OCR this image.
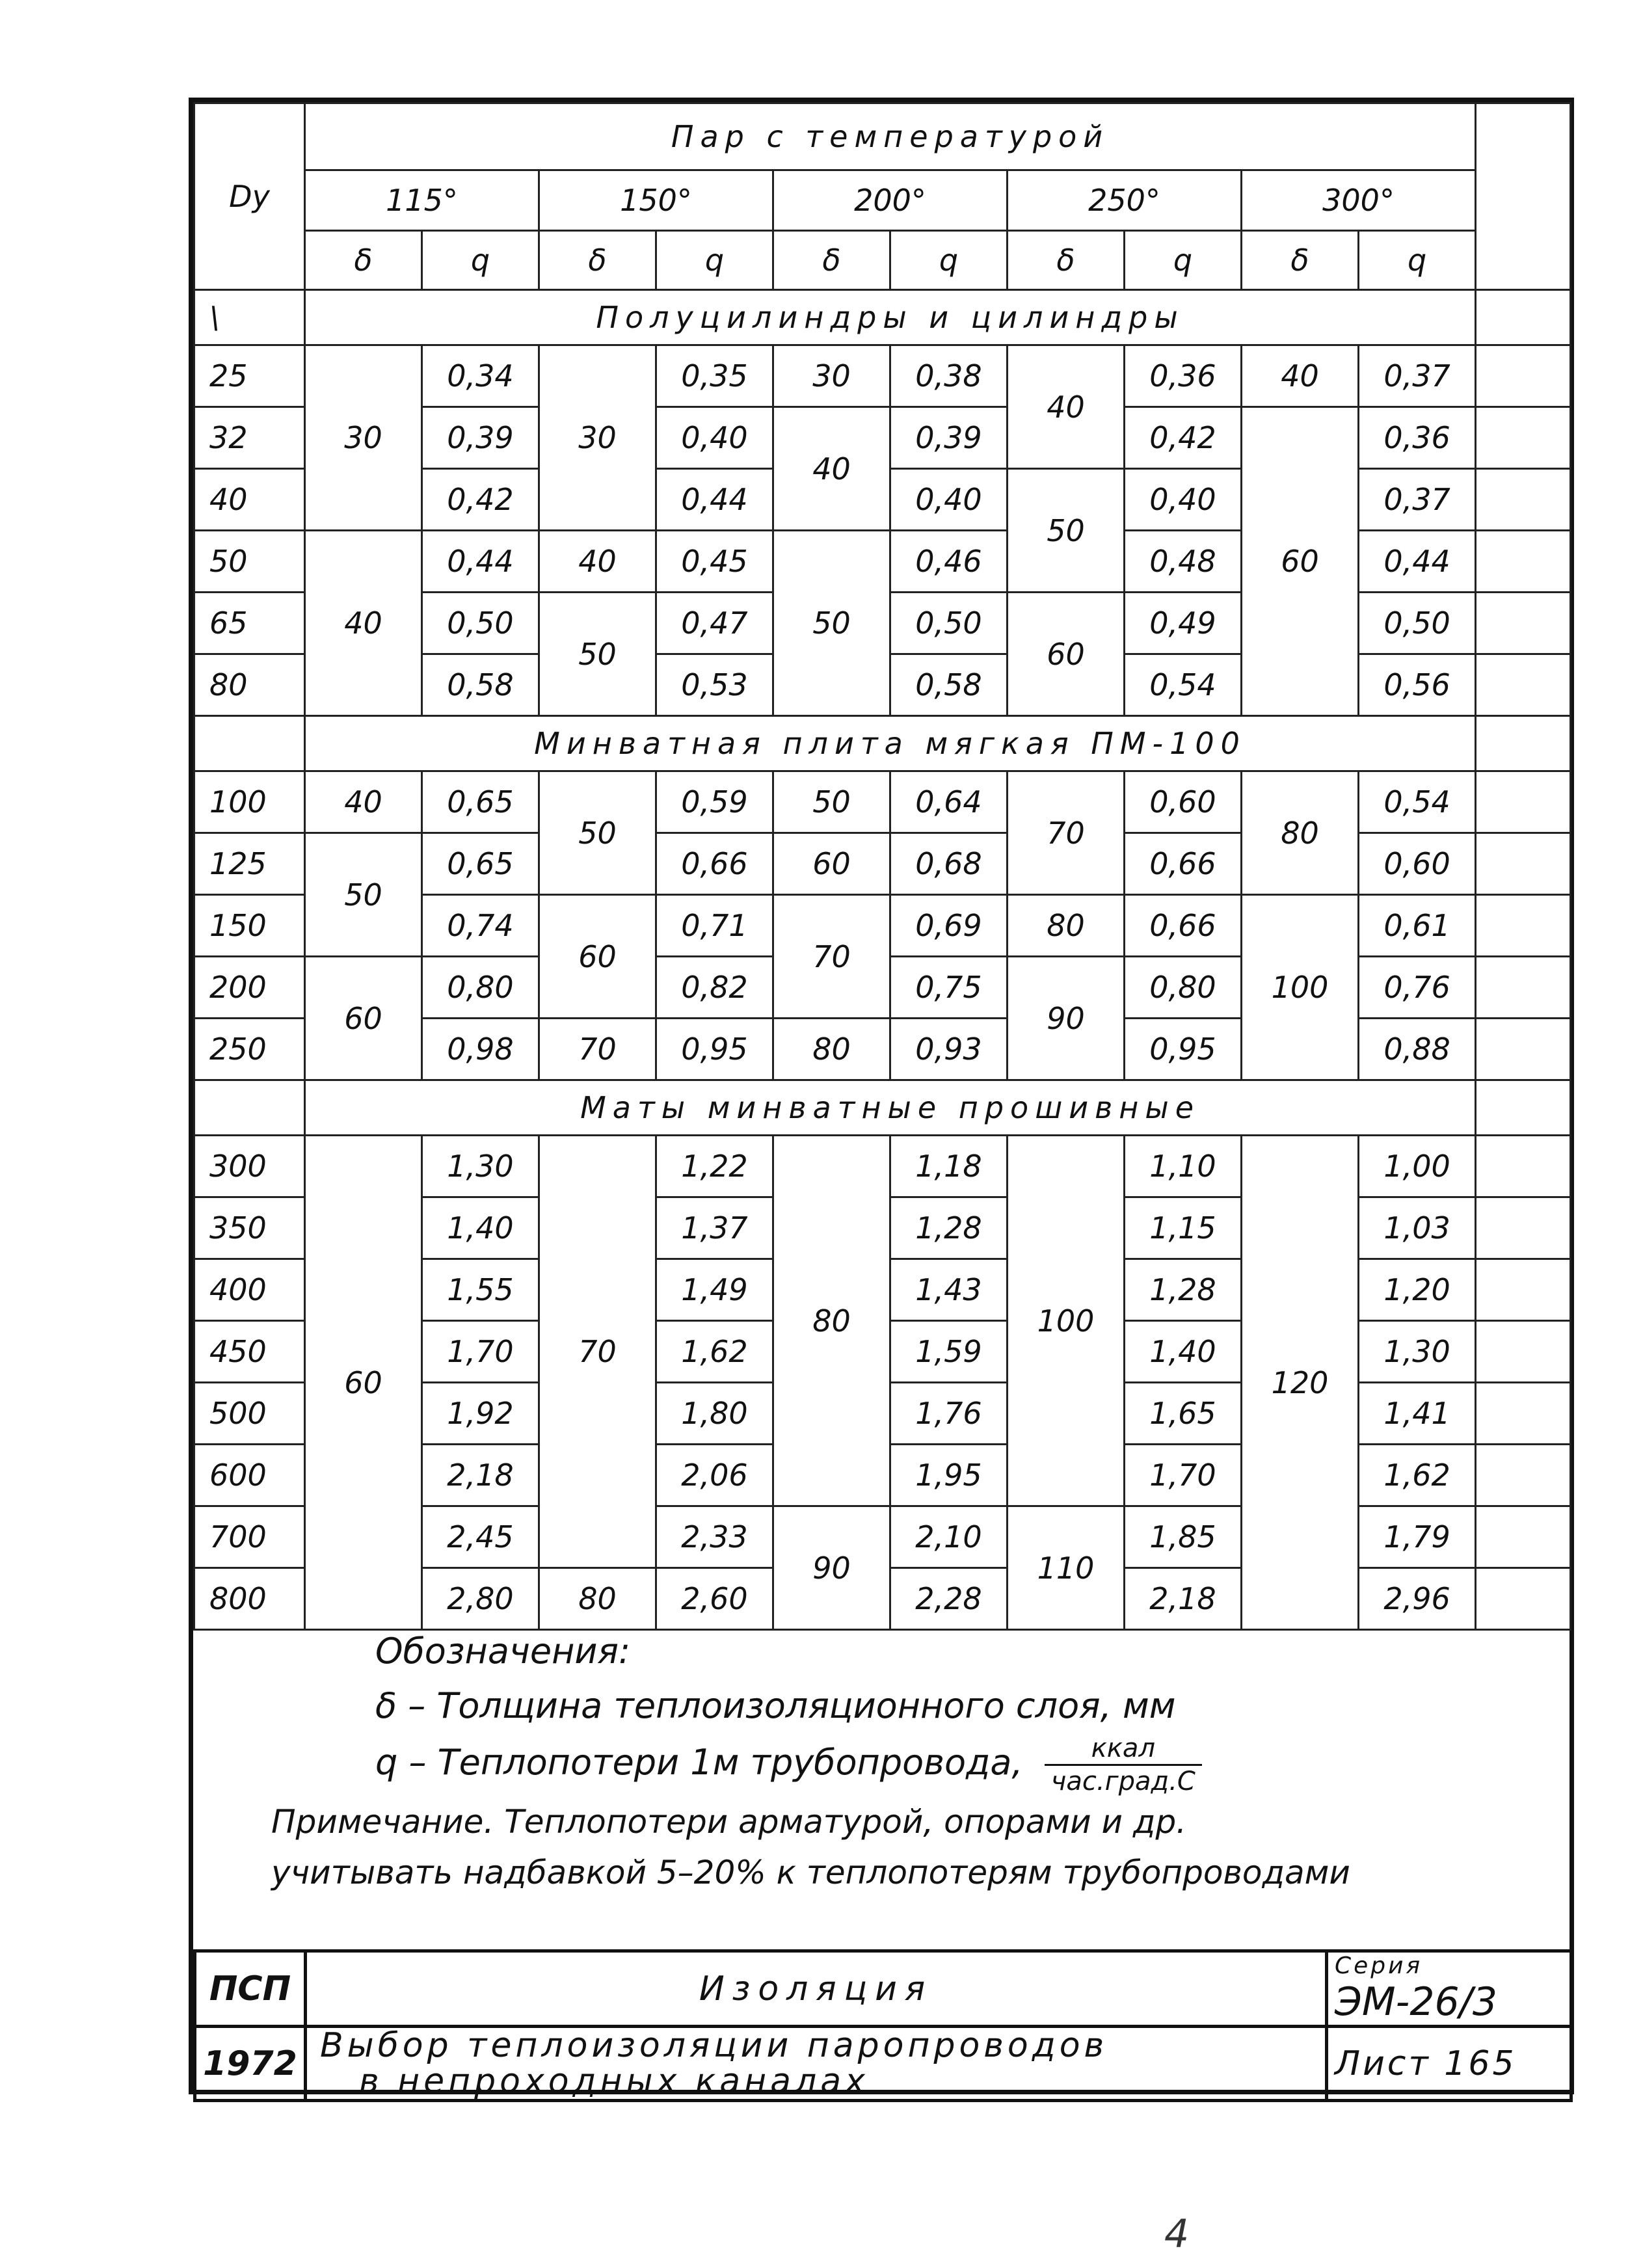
Dy	Пар с температурой										
	115°		150°		200°		250°		300°		
	δ	q	δ	q	δ	q	δ	q	δ	q	
\	Полуцилиндры и цилиндры										
25	30	0,34	30	0,35	30	0,38	40	0,36	40	0,37	
32		0,39		0,40	40	0,39		0,42	60	0,36	
40		0,42		0,44		0,40	50	0,40		0,37	
50	40	0,44	40	0,45	50	0,46		0,48		0,44	
65		0,50	50	0,47		0,50	60	0,49		0,50	
80		0,58		0,53		0,58		0,54		0,56	
	Минватная плита мягкая ПМ-100										
100	40	0,65	50	0,59	50	0,64	70	0,60	80	0,54	
125	50	0,65		0,66	60	0,68		0,66		0,60	
150		0,74	60	0,71	70	0,69	80	0,66	100	0,61	
200	60	0,80		0,82		0,75	90	0,80		0,76	
250		0,98	70	0,95	80	0,93		0,95		0,88	
	Маты минватные прошивные										
300	60	1,30	70	1,22	80	1,18	100	1,10	120	1,00	
350		1,40		1,37		1,28		1,15		1,03	
400		1,55		1,49		1,43		1,28		1,20	
450		1,70		1,62		1,59		1,40		1,30	
500		1,92		1,80		1,76		1,65		1,41	
600		2,18		2,06		1,95		1,70		1,62	
700		2,45		2,33	90	2,10	110	1,85		1,79	
800		2,80	80	2,60		2,28		2,18		2,96	
Обозначения:
δ – Толщина теплоизоляционного слоя, мм
q – Теплопотери 1м трубопровода, $\frac{\text{ккал}}{\text{час.град.С}}$
Примечание. Теплопотери арматурой, опорами и др.
учитывать надбавкой 5–20% к теплопотерям трубопроводами
ПСП	Изоляция	Серия
ЭМ-26/3

1972	Выбор теплоизоляции паропроводов
в непроходных каналах	Лист 165
4
